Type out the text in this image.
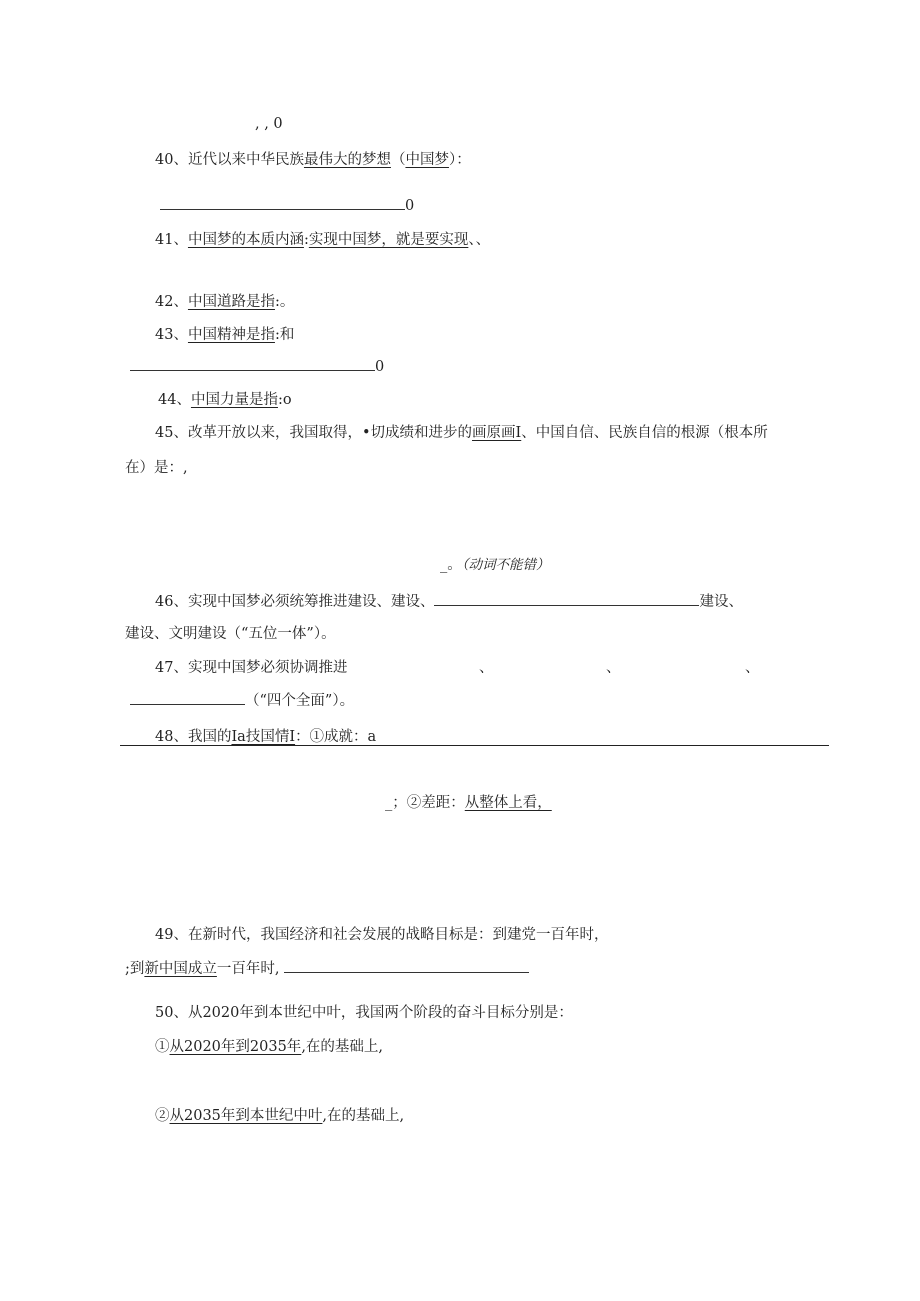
, , 0
40、近代以来中华民族最伟大的梦想（中国梦）：
0
41、中国梦的本质内涵:实现中国梦，就是要实现、、
42、中国道路是指:。
43、中国精神是指:和
0
44、中国力量是指:o
45、改革开放以来，我国取得，•切成绩和进步的画原画I、中国自信、民族自信的根源（根本所
在）是：,
_。（动词不能错）
46、实现中国梦必须统筹推进建设、建设、	建设、
建设、文明建设（“五位一体”）。
47、实现中国梦必须协调推进	、	、	、
（“四个全面”）。
48、我国的Ia技国情I：①成就：a
_；②差距：从整体上看，
49、在新时代，我国经济和社会发展的战略目标是：到建党一百年时，
;到新中国成立一百年时,
50、从2020年到本世纪中叶，我国两个阶段的奋斗目标分别是：
①从2020年到2035年,在的基础上,
②从2035年到本世纪中叶,在的基础上,
